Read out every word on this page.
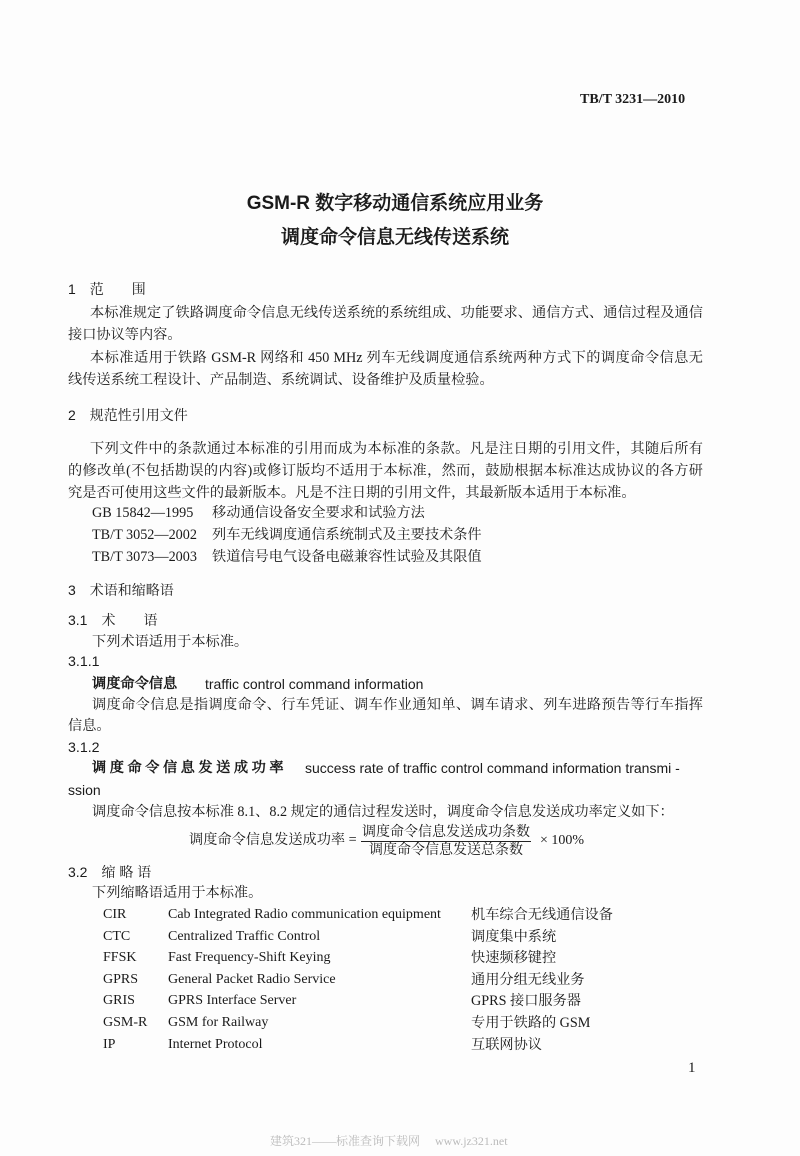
TB/T 3231—2010
GSM-R 数字移动通信系统应用业务
调度命令信息无线传送系统
1　范　　围
本标准规定了铁路调度命令信息无线传送系统的系统组成、功能要求、通信方式、通信过程及通信
接口协议等内容。
本标准适用于铁路 GSM-R 网络和 450 MHz 列车无线调度通信系统两种方式下的调度命令信息无
线传送系统工程设计、产品制造、系统调试、设备维护及质量检验。
2　规范性引用文件
下列文件中的条款通过本标准的引用而成为本标准的条款。凡是注日期的引用文件，其随后所有
的修改单(不包括勘误的内容)或修订版均不适用于本标准，然而，鼓励根据本标准达成协议的各方研
究是否可使用这些文件的最新版本。凡是不注日期的引用文件，其最新版本适用于本标准。
GB 15842—1995 移动通信设备安全要求和试验方法
TB/T 3052—2002 列车无线调度通信系统制式及主要技术条件
TB/T 3073—2003 铁道信号电气设备电磁兼容性试验及其限值
3　术语和缩略语
3.1　术　　语
下列术语适用于本标准。
3.1.1
调度命令信息 traffic control command information
调度命令信息是指调度命令、行车凭证、调车作业通知单、调车请求、列车进路预告等行车指挥
信息。
3.1.2
调 度 命 令 信 息 发 送 成 功 率 success rate of traffic control command information transmi -
ssion
调度命令信息按本标准 8.1、8.2 规定的通信过程发送时，调度命令信息发送成功率定义如下：
调度命令信息发送成功率 = 调度命令信息发送成功条数
调度命令信息发送总条数
× 100%
3.2　缩 略 语
下列缩略语适用于本标准。
CIR	Cab Integrated Radio communication equipment 机车综合无线通信设备
CTC	Centralized Traffic Control	调度集中系统
FFSK Fast Frequency-Shift Keying	快速频移键控
GPRS General Packet Radio Service	通用分组无线业务
GRIS GPRS Interface Server	GPRS 接口服务器
GSM-R GSM for Railway	专用于铁路的 GSM
IP	Internet Protocol	互联网协议
1
建筑321——标准查询下载网　 www.jz321.net
